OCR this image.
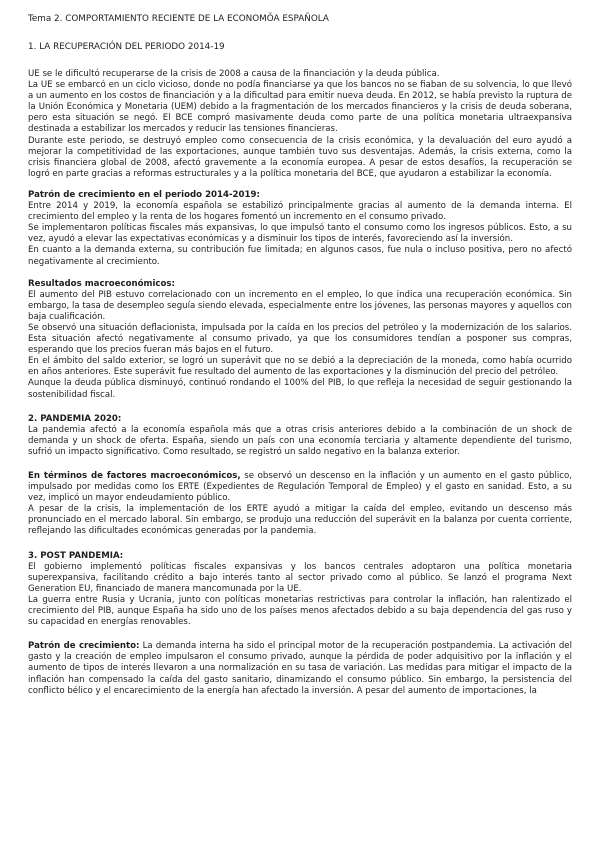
Tema 2. COMPORTAMIENTO RECIENTE DE LA ECONOMÕA ESPAÑOLA
1. LA RECUPERACIÓN DEL PERIODO 2014-19

UE se le dificultó recuperarse de la crisis de 2008 a causa de la financiación y la deuda pública.

La UE se embarcó en un ciclo vicioso, donde no podía financiarse ya que los bancos no se fiaban de su solvencia, lo que llevó a un aumento en los costos de financiación y a la dificultad para emitir nueva deuda. En 2012, se había previsto la ruptura de la Unión Económica y Monetaria (UEM) debido a la fragmentación de los mercados financieros y la crisis de deuda soberana, pero esta situación se negó. El BCE compró masivamente deuda como parte de una política monetaria ultraexpansiva destinada a estabilizar los mercados y reducir las tensiones financieras.

Durante este periodo, se destruyó empleo como consecuencia de la crisis económica, y la devaluación del euro ayudó a mejorar la competitividad de las exportaciones, aunque también tuvo sus desventajas. Además, la crisis externa, como la crisis financiera global de 2008, afectó gravemente a la economía europea. A pesar de estos desafíos, la recuperación se logró en parte gracias a reformas estructurales y a la política monetaria del BCE, que ayudaron a estabilizar la economía.

Patrón de crecimiento en el periodo 2014-2019:

Entre 2014 y 2019, la economía española se estabilizó principalmente gracias al aumento de la demanda interna. El crecimiento del empleo y la renta de los hogares fomentó un incremento en el consumo privado.

Se implementaron políticas fiscales más expansivas, lo que impulsó tanto el consumo como los ingresos públicos. Esto, a su vez, ayudó a elevar las expectativas económicas y a disminuir los tipos de interés, favoreciendo así la inversión.

En cuanto a la demanda externa, su contribución fue limitada; en algunos casos, fue nula o incluso positiva, pero no afectó negativamente al crecimiento.

Resultados macroeconómicos:

El aumento del PIB estuvo correlacionado con un incremento en el empleo, lo que indica una recuperación económica. Sin embargo, la tasa de desempleo seguía siendo elevada, especialmente entre los jóvenes, las personas mayores y aquellos con baja cualificación.

Se observó una situación deflacionista, impulsada por la caída en los precios del petróleo y la modernización de los salarios. Esta situación afectó negativamente al consumo privado, ya que los consumidores tendían a posponer sus compras, esperando que los precios fueran más bajos en el futuro.

En el ámbito del saldo exterior, se logró un superávit que no se debió a la depreciación de la moneda, como había ocurrido en años anteriores. Este superávit fue resultado del aumento de las exportaciones y la disminución del precio del petróleo.

Aunque la deuda pública disminuyó, continuó rondando el 100% del PIB, lo que refleja la necesidad de seguir gestionando la sostenibilidad fiscal.

2. PANDEMIA 2020:

La pandemia afectó a la economía española más que a otras crisis anteriores debido a la combinación de un shock de demanda y un shock de oferta. España, siendo un país con una economía terciaria y altamente dependiente del turismo, sufrió un impacto significativo. Como resultado, se registró un saldo negativo en la balanza exterior.

En términos de factores macroeconómicos, se observó un descenso en la inflación y un aumento en el gasto público, impulsado por medidas como los ERTE (Expedientes de Regulación Temporal de Empleo) y el gasto en sanidad. Esto, a su vez, implicó un mayor endeudamiento público.

A pesar de la crisis, la implementación de los ERTE ayudó a mitigar la caída del empleo, evitando un descenso más pronunciado en el mercado laboral. Sin embargo, se produjo una reducción del superávit en la balanza por cuenta corriente, reflejando las dificultades económicas generadas por la pandemia.

3. POST PANDEMIA:

El gobierno implementó políticas fiscales expansivas y los bancos centrales adoptaron una política monetaria superexpansiva, facilitando crédito a bajo interés tanto al sector privado como al público. Se lanzó el programa Next Generation EU, financiado de manera mancomunada por la UE.

La guerra entre Rusia y Ucrania, junto con políticas monetarias restrictivas para controlar la inflación, han ralentizado el crecimiento del PIB, aunque España ha sido uno de los países menos afectados debido a su baja dependencia del gas ruso y su capacidad en energías renovables.

Patrón de crecimiento: La demanda interna ha sido el principal motor de la recuperación postpandemia. La activación del gasto y la creación de empleo impulsaron el consumo privado, aunque la pérdida de poder adquisitivo por la inflación y el aumento de tipos de interés llevaron a una normalización en su tasa de variación. Las medidas para mitigar el impacto de la inflación han compensado la caída del gasto sanitario, dinamizando el consumo público. Sin embargo, la persistencia del conflicto bélico y el encarecimiento de la energía han afectado la inversión. A pesar del aumento de importaciones, la
